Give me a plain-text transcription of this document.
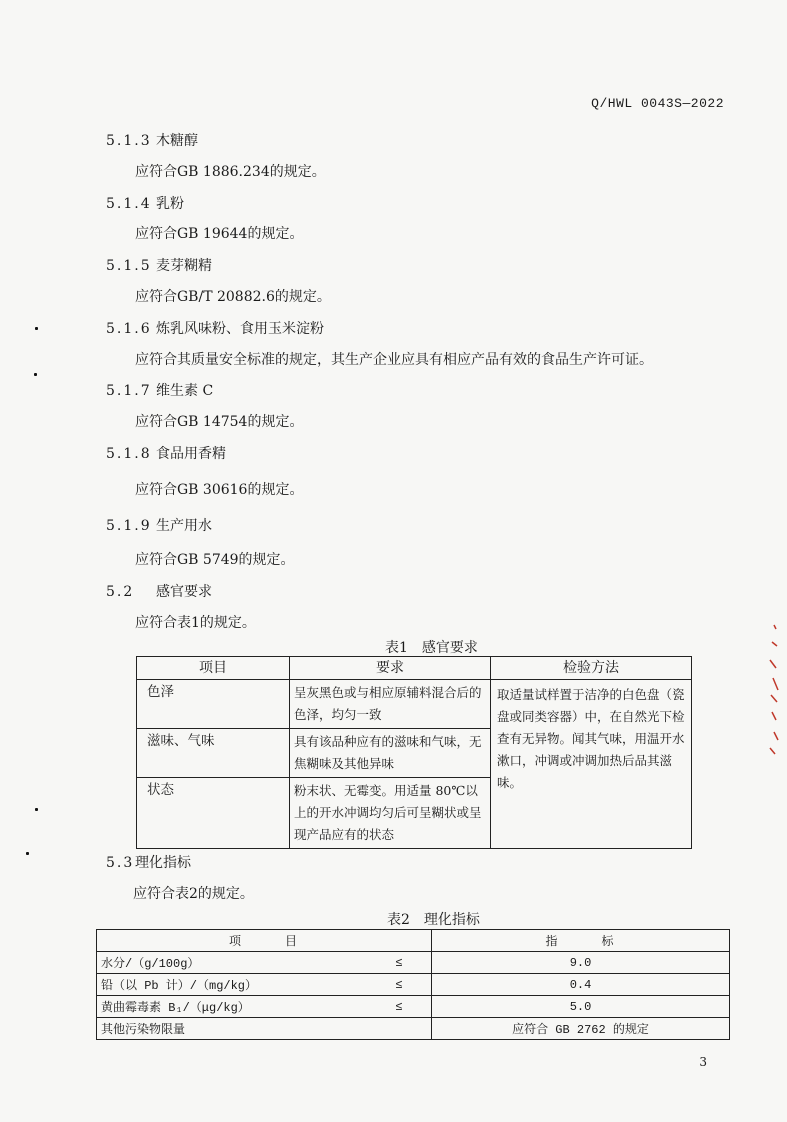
Q/HWL 0043S—2022
5.1.3 木糖醇
应符合GB 1886.234的规定。
5.1.4 乳粉
应符合GB 19644的规定。
5.1.5 麦芽糊精
应符合GB/T 20882.6的规定。
5.1.6 炼乳风味粉、食用玉米淀粉
应符合其质量安全标准的规定，其生产企业应具有相应产品有效的食品生产许可证。
5.1.7 维生素 C
应符合GB 14754的规定。
5.1.8 食品用香精
应符合GB 30616的规定。
5.1.9 生产用水
应符合GB 5749的规定。
5.2 感官要求
应符合表1的规定。
表1　感官要求
项目	要求	检验方法
色泽	呈灰黑色或与相应原辅料混合后的色泽，均匀一致	取适量试样置于洁净的白色盘（瓷盘或同类容器）中，在自然光下检查有无异物。闻其气味，用温开水漱口，冲调或冲调加热后品其滋味。
滋味、气味	具有该品种应有的滋味和气味，无焦糊味及其他异味	
状态	粉末状、无霉变。用适量 80℃以上的开水冲调均匀后可呈糊状或呈现产品应有的状态	
5.3理化指标
应符合表2的规定。
表2　理化指标
项　　　目		指　　　标
水分/（g/100g）	≤	9.0
铅（以 Pb 计）/（mg/kg）	≤	0.4
黄曲霉毒素 B₁/（μg/kg）	≤	5.0
其他污染物限量		应符合 GB 2762 的规定
3
